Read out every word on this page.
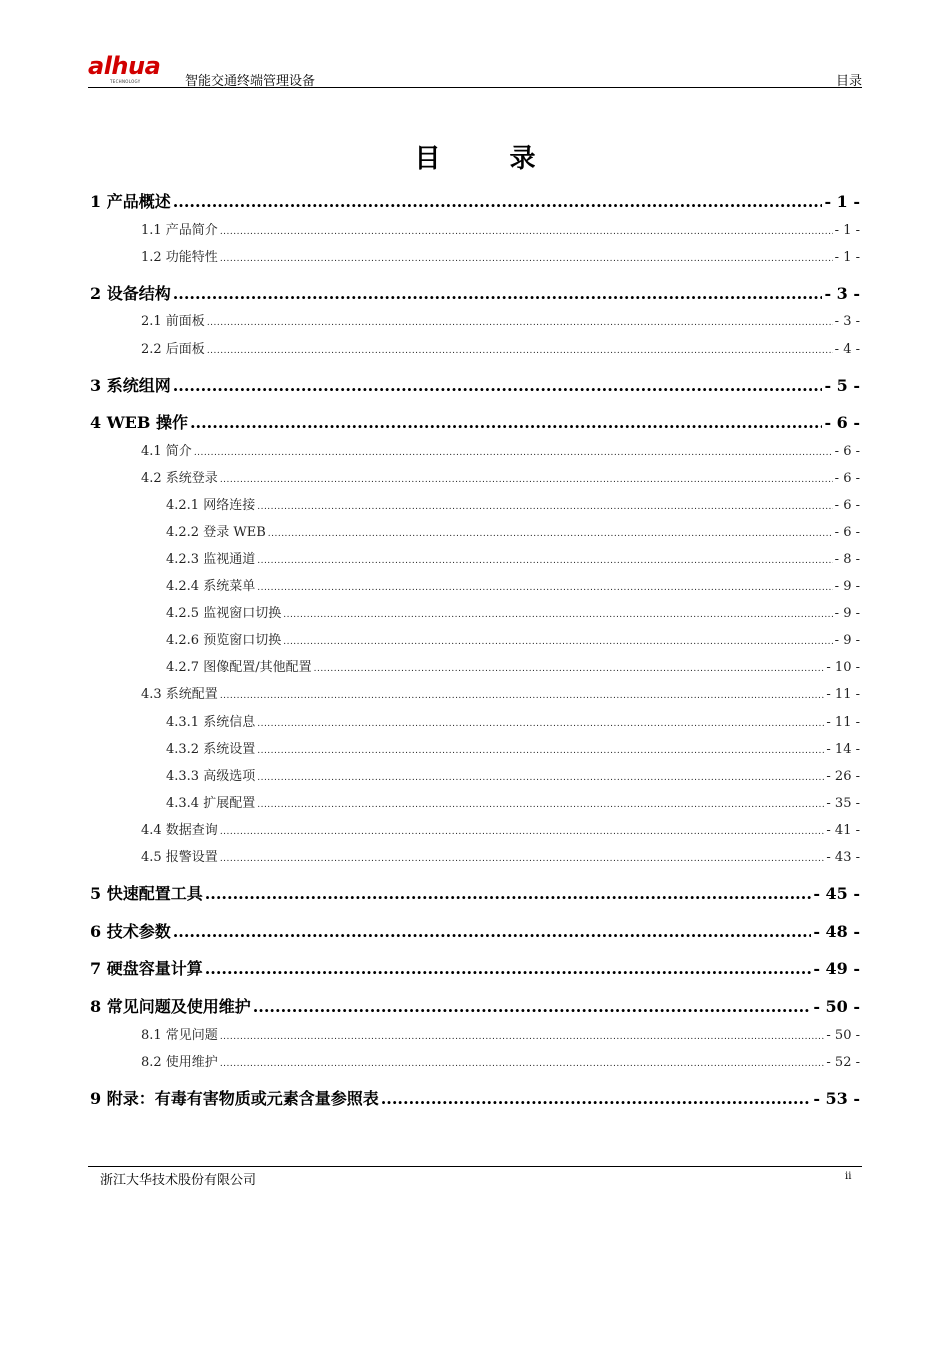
alhua
TECHNOLOGY	智能交通终端管理设备	目录
目 录
1 产品概述 .....	- 1 -
1.1 产品简介 .....	- 1 -
1.2 功能特性 .....	- 1 -
2 设备结构 .....	- 3 -
2.1 前面板 .....	- 3 -
2.2 后面板 .....	- 4 -
3 系统组网 .....	- 5 -
4 WEB 操作 .....	- 6 -
4.1 简介 .....	- 6 -
4.2 系统登录 .....	- 6 -
4.2.1 网络连接 .....	- 6 -
4.2.2 登录 WEB .....	- 6 -
4.2.3 监视通道 .....	- 8 -
4.2.4 系统菜单 .....	- 9 -
4.2.5 监视窗口切换 .....	- 9 -
4.2.6 预览窗口切换 .....	- 9 -
4.2.7 图像配置/其他配置 .....	- 10 -
4.3 系统配置 .....	- 11 -
4.3.1 系统信息 .....	- 11 -
4.3.2 系统设置 .....	- 14 -
4.3.3 高级选项 .....	- 26 -
4.3.4 扩展配置 .....	- 35 -
4.4 数据查询 .....	- 41 -
4.5 报警设置 .....	- 43 -
5 快速配置工具 .....	- 45 -
6 技术参数 .....	- 48 -
7 硬盘容量计算 .....	- 49 -
8 常见问题及使用维护 .....	- 50 -
8.1 常见问题 .....	- 50 -
8.2 使用维护 .....	- 52 -
9 附录：有毒有害物质或元素含量参照表 .....	- 53 -
浙江大华技术股份有限公司	ii
